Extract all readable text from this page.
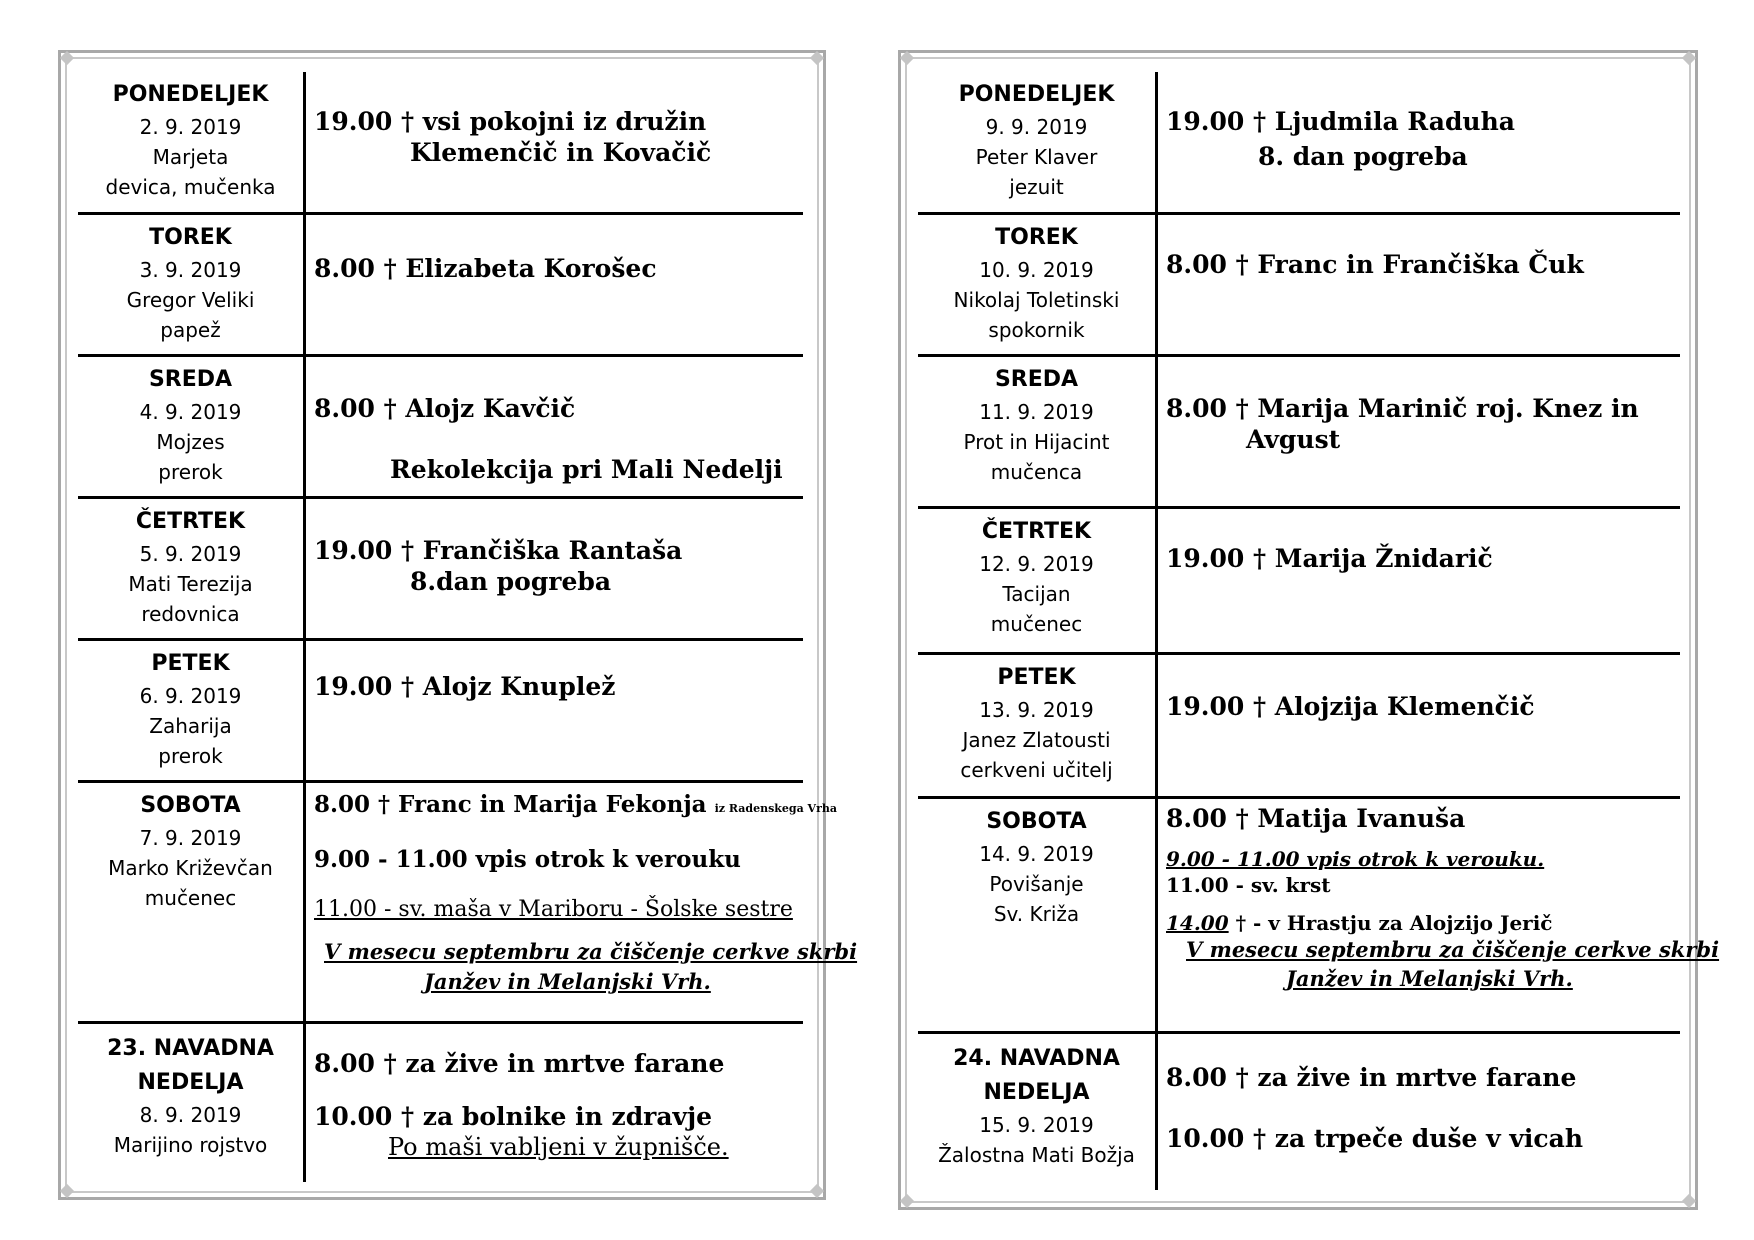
PONEDELJEK
2. 9. 2019
Marjeta
devica, mučenka
19.00 † vsi pokojni iz družin
Klemenčič in Kovačič
TOREK
3. 9. 2019
Gregor Veliki
papež
8.00 † Elizabeta Korošec
SREDA
4. 9. 2019
Mojzes
prerok
8.00 † Alojz Kavčič
Rekolekcija pri Mali Nedelji
ČETRTEK
5. 9. 2019
Mati Terezija
redovnica
19.00 † Frančiška Rantaša
8.dan pogreba
PETEK
6. 9. 2019
Zaharija
prerok
19.00 † Alojz Knuplež
SOBOTA
7. 9. 2019
Marko Križevčan
mučenec
8.00 † Franc in Marija Fekonja iz Radenskega Vrha
9.00 - 11.00 vpis otrok k verouku
11.00 - sv. maša v Mariboru - Šolske sestre
V mesecu septembru za čiščenje cerkve skrbi
Janžev in Melanjski Vrh.
23. NAVADNA
NEDELJA
8. 9. 2019
Marijino rojstvo
8.00 † za žive in mrtve farane
10.00 † za bolnike in zdravje
Po maši vabljeni v župnišče.
PONEDELJEK
9. 9. 2019
Peter Klaver
jezuit
19.00 † Ljudmila Raduha
8. dan pogreba
TOREK
10. 9. 2019
Nikolaj Toletinski
spokornik
8.00 † Franc in Frančiška Čuk
SREDA
11. 9. 2019
Prot in Hijacint
mučenca
8.00 † Marija Marinič roj. Knez in
Avgust
ČETRTEK
12. 9. 2019
Tacijan
mučenec
19.00 † Marija Žnidarič
PETEK
13. 9. 2019
Janez Zlatousti
cerkveni učitelj
19.00 † Alojzija Klemenčič
SOBOTA
14. 9. 2019
Povišanje
Sv. Križa
8.00 † Matija Ivanuša
9.00 - 11.00 vpis otrok k verouku.
11.00 - sv. krst
14.00 † - v Hrastju za Alojzijo Jerič
V mesecu septembru za čiščenje cerkve skrbi
Janžev in Melanjski Vrh.
24. NAVADNA
NEDELJA
15. 9. 2019
Žalostna Mati Božja
8.00 † za žive in mrtve farane
10.00 † za trpeče duše v vicah
